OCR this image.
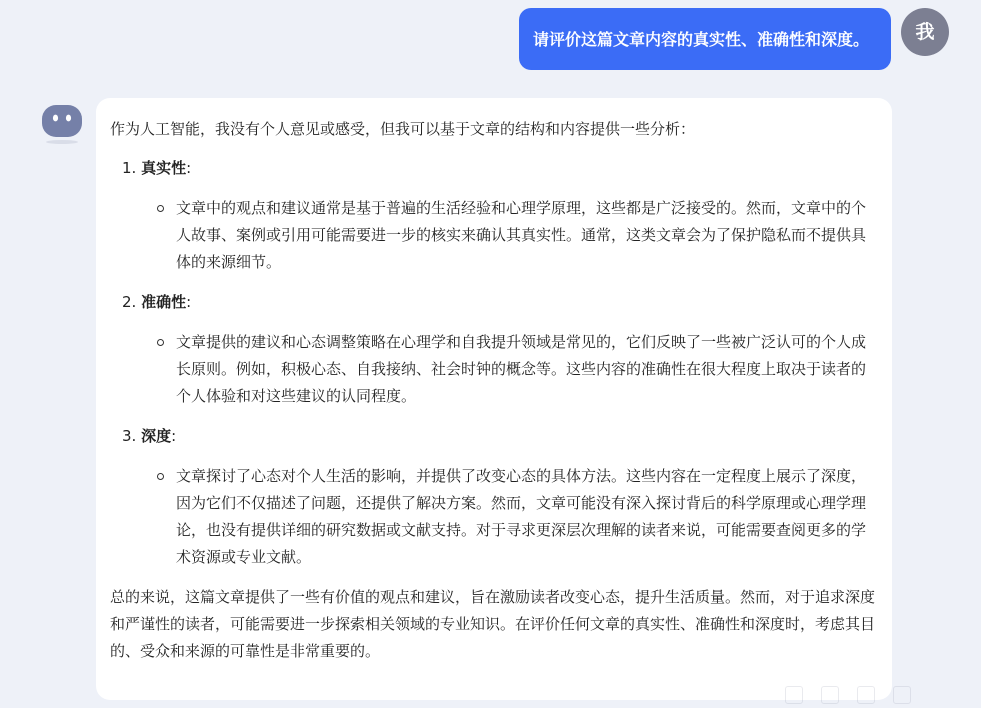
请评价这篇文章内容的真实性、准确性和深度。	我

作为人工智能，我没有个人意见或感受，但我可以基于文章的结构和内容提供一些分析：

1. 真实性:

文章中的观点和建议通常是基于普遍的生活经验和心理学原理，这些都是广泛接受的。然而，文章中的个人故事、案例或引用可能需要进一步的核实来确认其真实性。通常，这类文章会为了保护隐私而不提供具体的来源细节。

2. 准确性:

文章提供的建议和心态调整策略在心理学和自我提升领域是常见的，它们反映了一些被广泛认可的个人成长原则。例如，积极心态、自我接纳、社会时钟的概念等。这些内容的准确性在很大程度上取决于读者的个人体验和对这些建议的认同程度。

3. 深度:

文章探讨了心态对个人生活的影响，并提供了改变心态的具体方法。这些内容在一定程度上展示了深度，因为它们不仅描述了问题，还提供了解决方案。然而，文章可能没有深入探讨背后的科学原理或心理学理论，也没有提供详细的研究数据或文献支持。对于寻求更深层次理解的读者来说，可能需要查阅更多的学术资源或专业文献。

总的来说，这篇文章提供了一些有价值的观点和建议，旨在激励读者改变心态，提升生活质量。然而，对于追求深度和严谨性的读者，可能需要进一步探索相关领域的专业知识。在评价任何文章的真实性、准确性和深度时，考虑其目的、受众和来源的可靠性是非常重要的。
